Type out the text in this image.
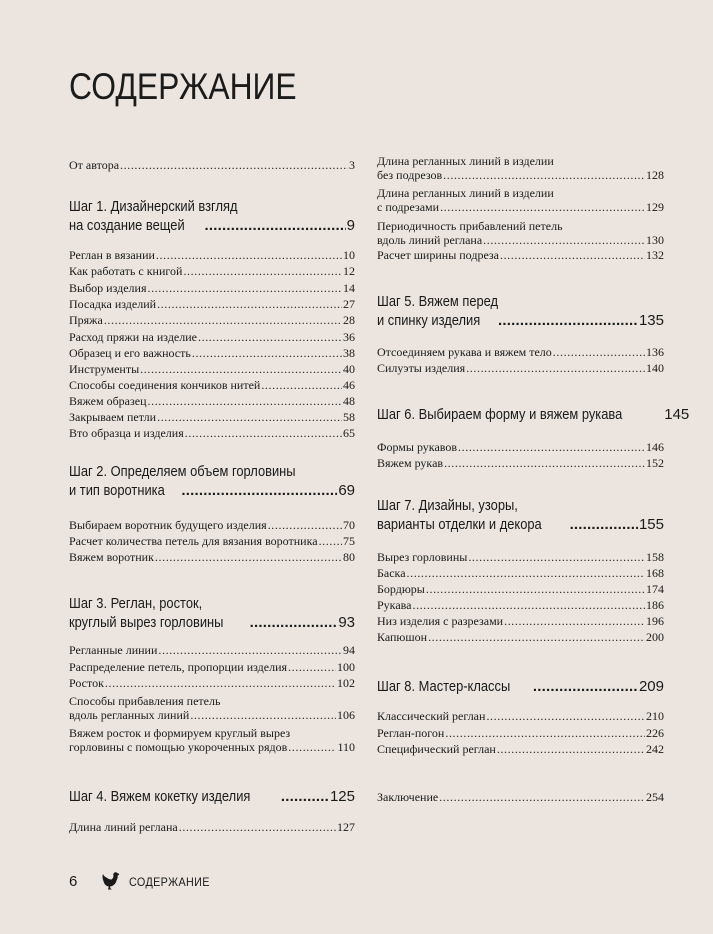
СОДЕРЖАНИЕ
От автора .....	3
Шаг 1. Дизайнерский взгляд
на создание вещей .....	9
Реглан в вязании .....	10
Как работать с книгой .....	12
Выбор изделия .....	14
Посадка изделий .....	27
Пряжа .....	28
Расход пряжи на изделие .....	36
Образец и его важность .....	38
Инструменты .....	40
Способы соединения кончиков нитей .....	46
Вяжем образец .....	48
Закрываем петли .....	58
Вто образца и изделия .....	65
Шаг 2. Определяем объем горловины
и тип воротника .....	69
Выбираем воротник будущего изделия .....	70
Расчет количества петель для вязания воротника ..... 75
Вяжем воротник .....	80
Шаг 3. Реглан, росток,
круглый вырез горловины .....	93
Регланные линии .....	94
Распределение петель, пропорции изделия .....	100
Росток .....	102
Способы прибавления петель
вдоль регланных линий .....	106
Вяжем росток и формируем круглый вырез
горловины с помощью укороченных рядов .....	110
Шаг 4. Вяжем кокетку изделия .....	125
Длина линий реглана .....	127
Длина регланных линий в изделии
без подрезов .....	128
Длина регланных линий в изделии
с подрезами .....	129
Периодичность прибавлений петель
вдоль линий реглана .....	130
Расчет ширины подреза .....	132
Шаг 5. Вяжем перед
и спинку изделия .....	135
Отсоединяем рукава и вяжем тело .....	136
Силуэты изделия .....	140
Шаг 6. Выбираем форму и вяжем рукава	145
Формы рукавов .....	146
Вяжем рукав .....	152
Шаг 7. Дизайны, узоры,
варианты отделки и декора .....	155
Вырез горловины .....	158
Баска .....	168
Бордюры .....	174
Рукава .....	186
Низ изделия с разрезами .....	196
Капюшон .....	200
Шаг 8. Мастер-классы .....	209
Классический реглан .....	210
Реглан-погон .....	226
Специфический реглан .....	242
Заключение .....	254
6	СОДЕРЖАНИЕ
